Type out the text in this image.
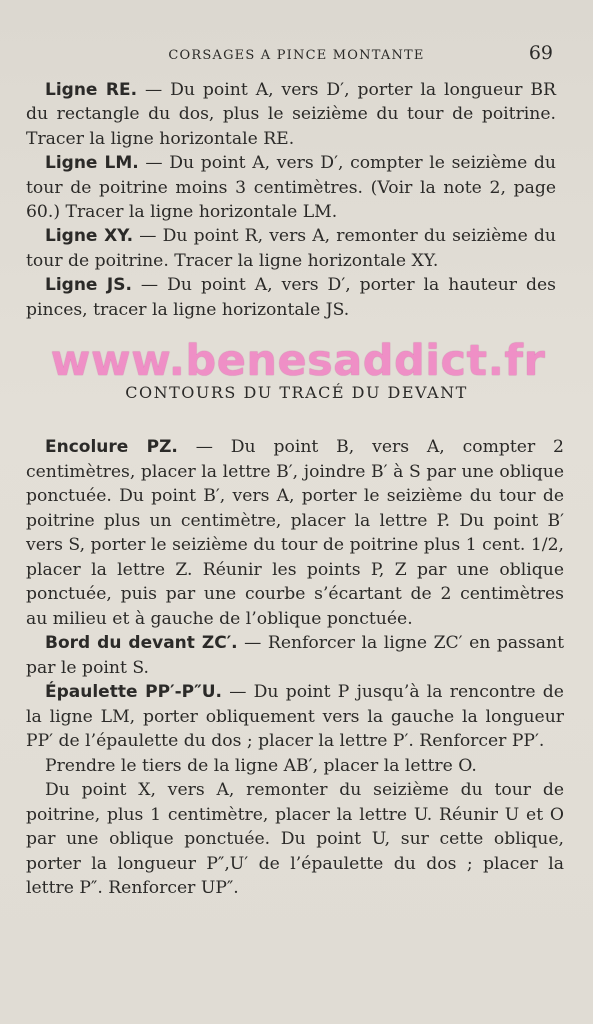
CORSAGES A PINCE MONTANTE	69

Ligne RE. — Du point A, vers D′, porter la longueur BR du rectangle du dos, plus le seizième du tour de poitrine. Tracer la ligne horizontale RE.

Ligne LM. — Du point A, vers D′, compter le seizième du tour de poitrine moins 3 centimètres. (Voir la note 2, page 60.) Tracer la ligne horizontale LM.

Ligne XY. — Du point R, vers A, remonter du seizième du tour de poitrine. Tracer la ligne horizontale XY.

Ligne JS. — Du point A, vers D′, porter la hauteur des pinces, tracer la ligne horizontale JS.

www.benesaddict.fr
CONTOURS DU TRACÉ DU DEVANT

Encolure PZ. — Du point B, vers A, compter 2 centimètres, placer la lettre B′, joindre B′ à S par une oblique ponctuée. Du point B′, vers A, porter le seizième du tour de poitrine plus un centimètre, placer la lettre P. Du point B′ vers S, porter le seizième du tour de poitrine plus 1 cent. 1/2, placer la lettre Z. Réunir les points P, Z par une oblique ponctuée, puis par une courbe s’écartant de 2 centimètres au milieu et à gauche de l’oblique ponctuée.

Bord du devant ZC′. — Renforcer la ligne ZC′ en passant par le point S.

Épaulette PP′-P″U. — Du point P jusqu’à la rencontre de la ligne LM, porter obliquement vers la gauche la longueur PP′ de l’épaulette du dos ; placer la lettre P′. Renforcer PP′.

Prendre le tiers de la ligne AB′, placer la lettre O.

Du point X, vers A, remonter du seizième du tour de poitrine, plus 1 centimètre, placer la lettre U. Réunir U et O par une oblique ponctuée. Du point U, sur cette oblique, porter la longueur P″,U′ de l’épaulette du dos ; placer la lettre P″. Renforcer UP″.
